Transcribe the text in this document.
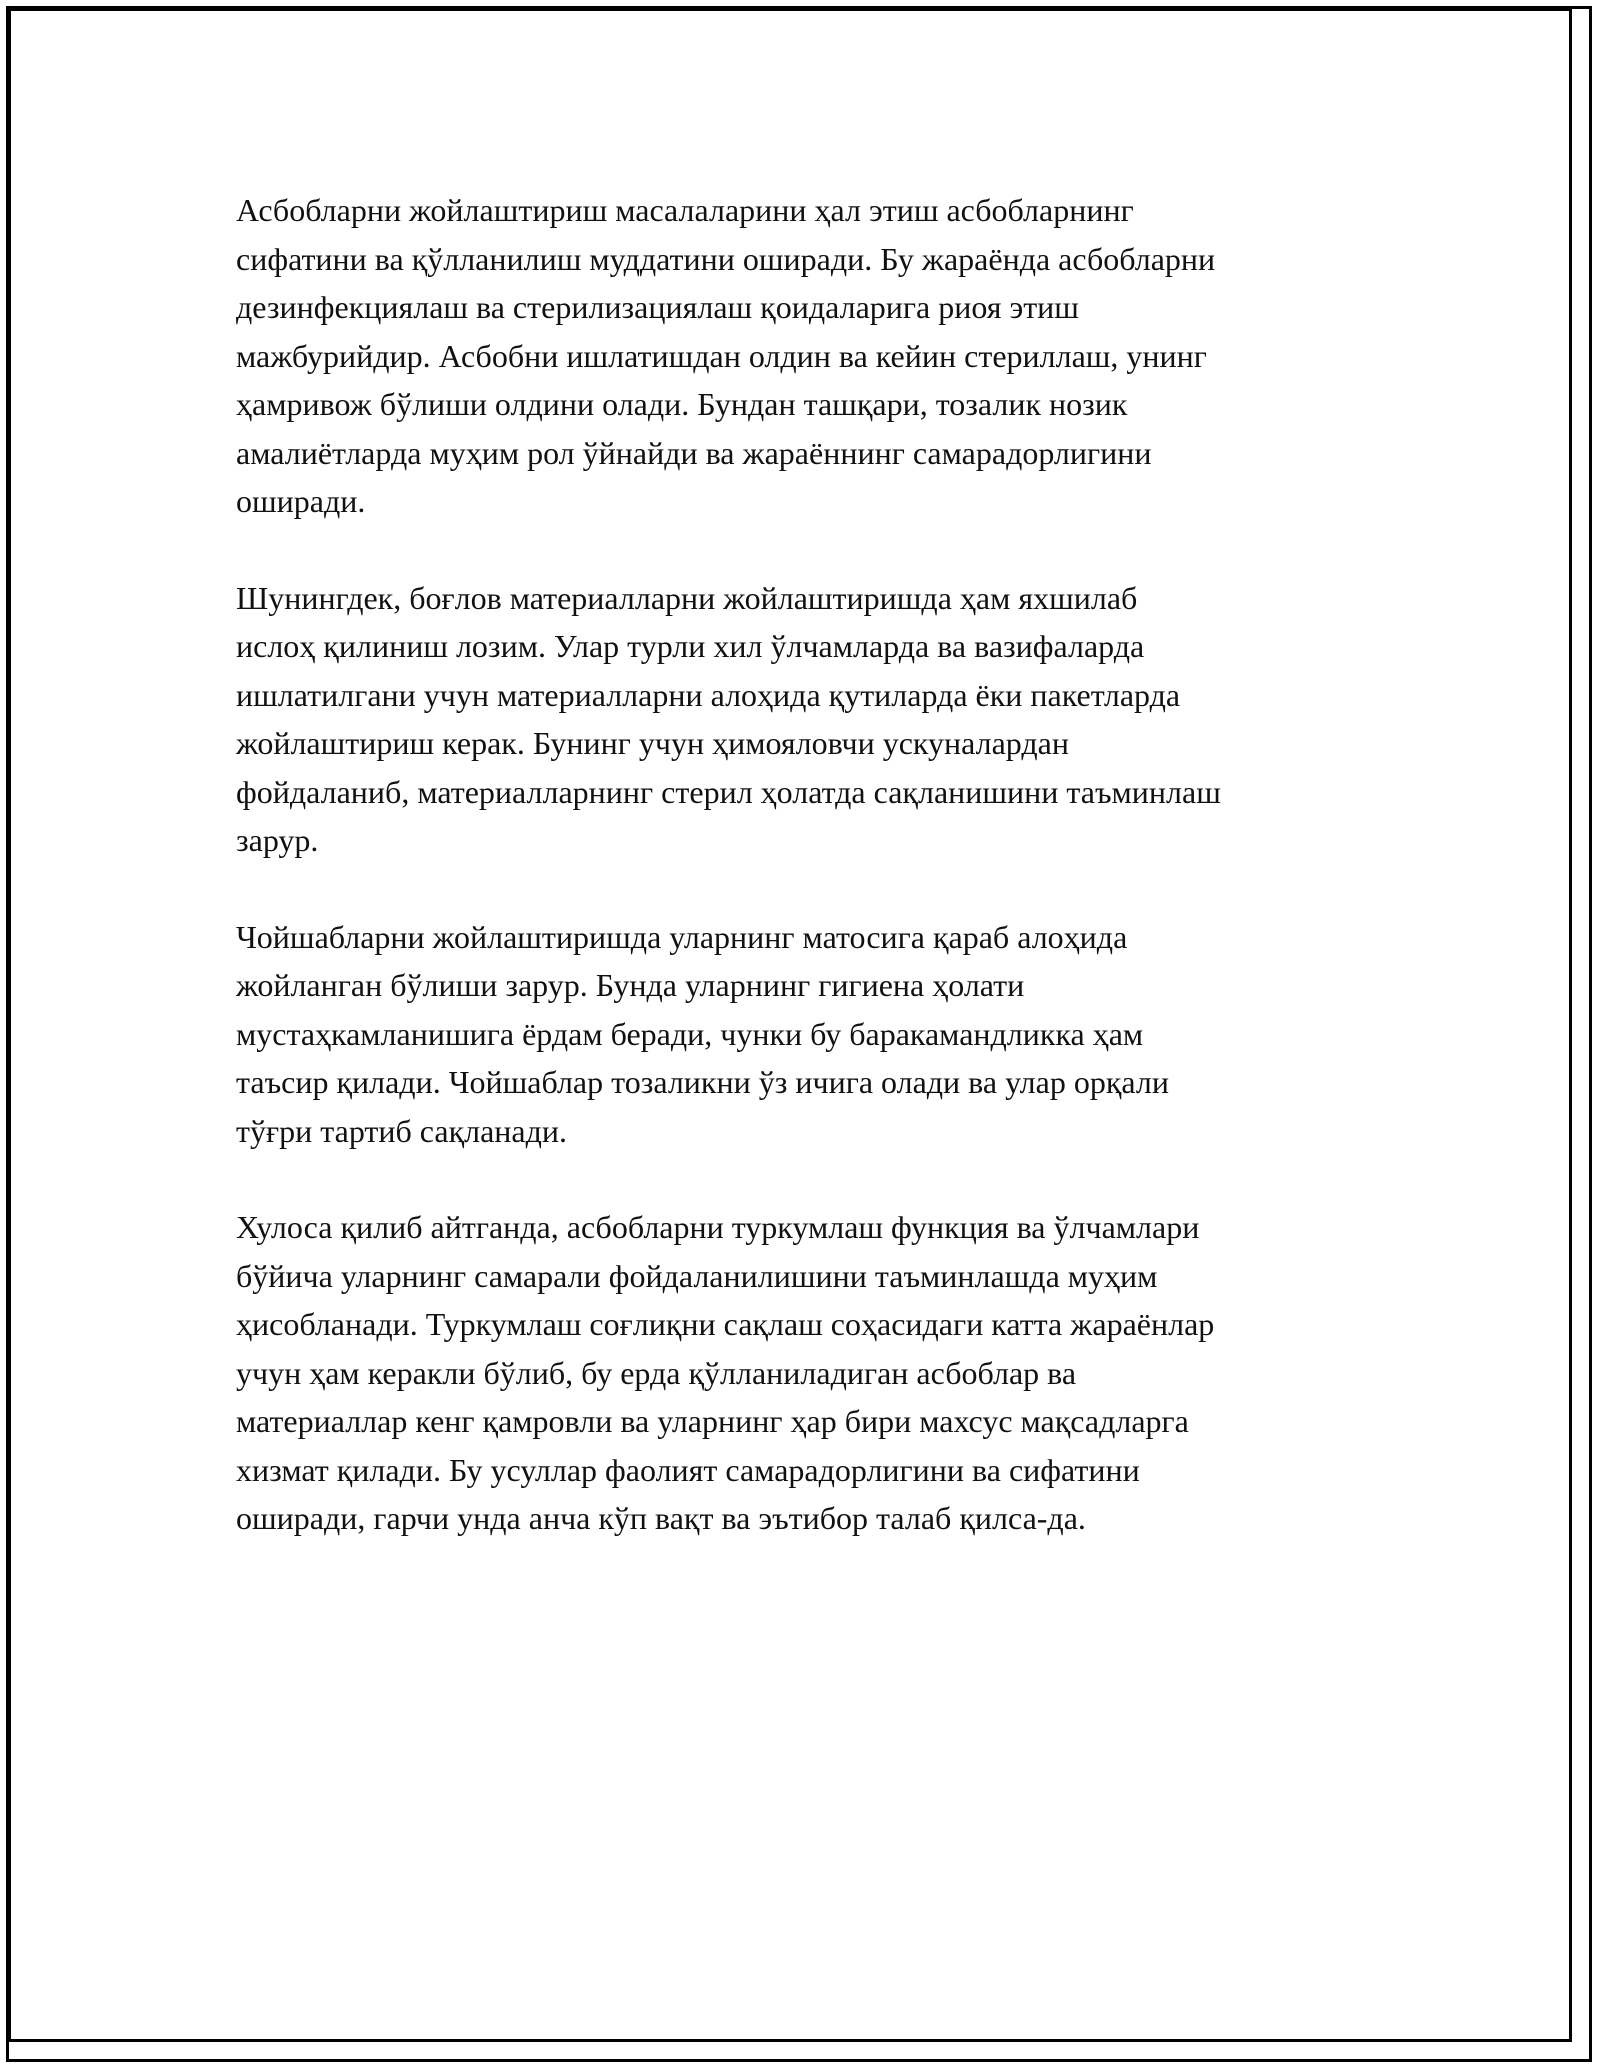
Асбобларни жойлаштириш масалаларини ҳал этиш асбобларнинг
сифатини ва қўлланилиш муддатини оширади. Бу жараёнда асбобларни
дезинфекциялаш ва стерилизациялаш қоидаларига риоя этиш
мажбурийдир. Асбобни ишлатишдан олдин ва кейин стериллаш, унинг
ҳамривож бўлиши олдини олади. Бундан ташқари, тозалик нозик
амалиётларда муҳим рол ўйнайди ва жараённинг самарадорлигини
оширади.

Шунингдек, боғлов материалларни жойлаштиришда ҳам яхшилаб
ислоҳ қилиниш лозим. Улар турли хил ўлчамларда ва вазифаларда
ишлатилгани учун материалларни алоҳида қутиларда ёки пакетларда
жойлаштириш керак. Бунинг учун ҳимояловчи ускуналардан
фойдаланиб, материалларнинг стерил ҳолатда сақланишини таъминлаш
зарур.

Чойшабларни жойлаштиришда уларнинг матосига қараб алоҳида
жойланган бўлиши зарур. Бунда уларнинг гигиена ҳолати
мустаҳкамланишига ёрдам беради, чунки бу баракамандликка ҳам
таъсир қилади. Чойшаблар тозаликни ўз ичига олади ва улар орқали
тўғри тартиб сақланади.

Хулоса қилиб айтганда, асбобларни туркумлаш функция ва ўлчамлари
бўйича уларнинг самарали фойдаланилишини таъминлашда муҳим
ҳисобланади. Туркумлаш соғлиқни сақлаш соҳасидаги катта жараёнлар
учун ҳам керакли бўлиб, бу ерда қўлланиладиган асбоблар ва
материаллар кенг қамровли ва уларнинг ҳар бири махсус мақсадларга
хизмат қилади. Бу усуллар фаолият самарадорлигини ва сифатини
оширади, гарчи унда анча кўп вақт ва эътибор талаб қилса-да.
